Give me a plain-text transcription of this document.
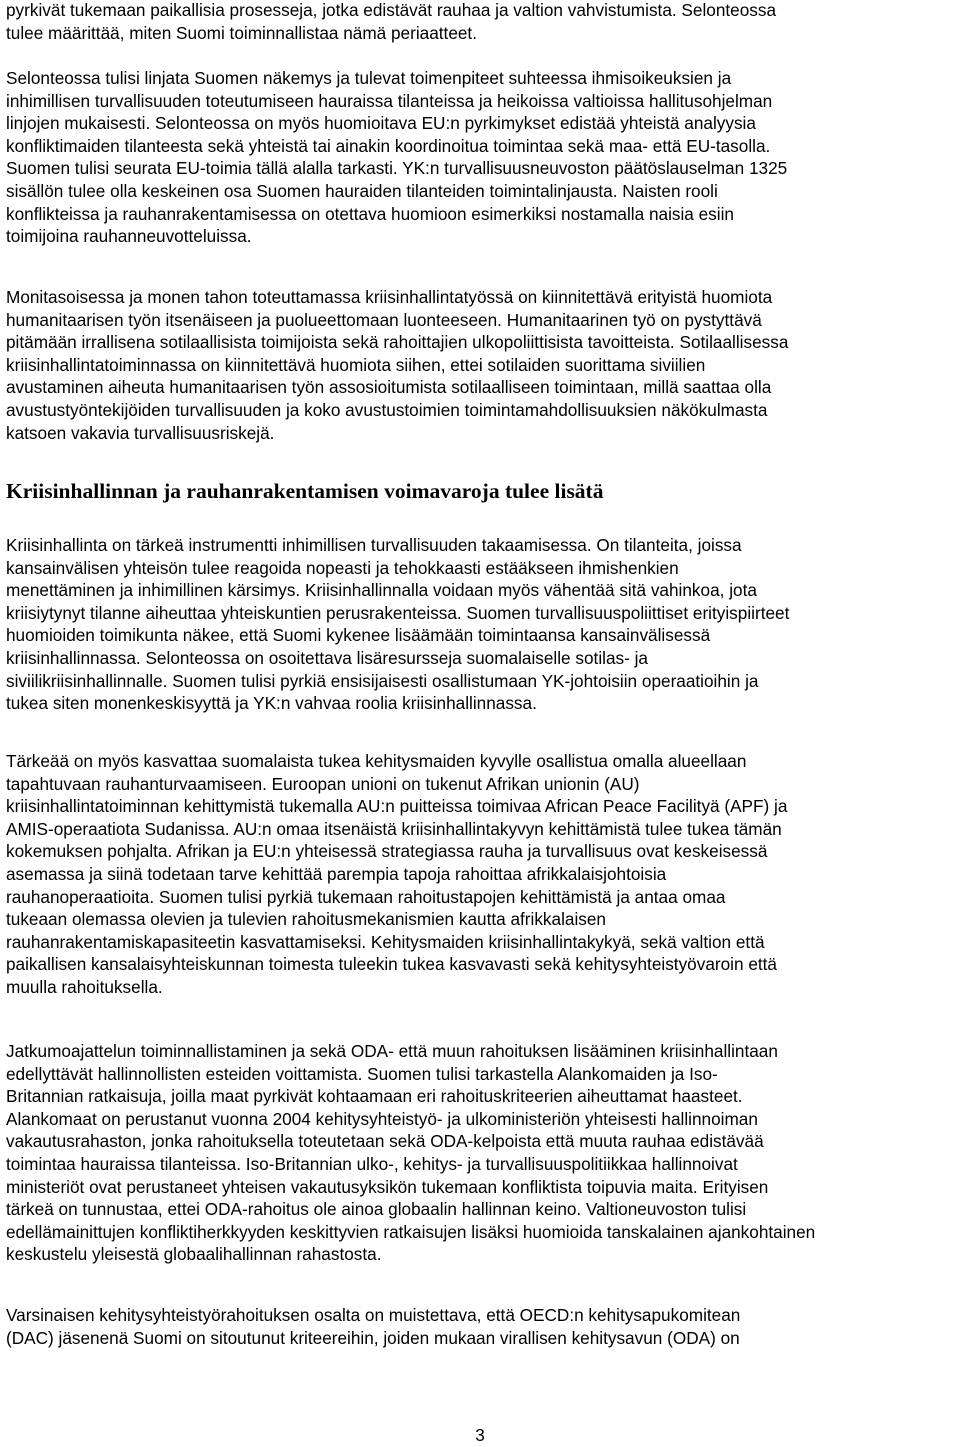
pyrkivät tukemaan paikallisia prosesseja, jotka edistävät rauhaa ja valtion vahvistumista. Selonteossa
tulee määrittää, miten Suomi toiminnallistaa nämä periaatteet.

Selonteossa tulisi linjata Suomen näkemys ja tulevat toimenpiteet suhteessa ihmisoikeuksien ja
inhimillisen turvallisuuden toteutumiseen hauraissa tilanteissa ja heikoissa valtioissa hallitusohjelman
linjojen mukaisesti. Selonteossa on myös huomioitava EU:n pyrkimykset edistää yhteistä analyysia
konfliktimaiden tilanteesta sekä yhteistä tai ainakin koordinoitua toimintaa sekä maa- että EU-tasolla.
Suomen tulisi seurata EU-toimia tällä alalla tarkasti. YK:n turvallisuusneuvoston päätöslauselman 1325
sisällön tulee olla keskeinen osa Suomen hauraiden tilanteiden toimintalinjausta. Naisten rooli
konflikteissa ja rauhanrakentamisessa on otettava huomioon esimerkiksi nostamalla naisia esiin
toimijoina rauhanneuvotteluissa.

Monitasoisessa ja monen tahon toteuttamassa kriisinhallintatyössä on kiinnitettävä erityistä huomiota
humanitaarisen työn itsenäiseen ja puolueettomaan luonteeseen. Humanitaarinen työ on pystyttävä
pitämään irrallisena sotilaallisista toimijoista sekä rahoittajien ulkopoliittisista tavoitteista. Sotilaallisessa
kriisinhallintatoiminnassa on kiinnitettävä huomiota siihen, ettei sotilaiden suorittama siviilien
avustaminen aiheuta humanitaarisen työn assosioitumista sotilaalliseen toimintaan, millä saattaa olla
avustustyöntekijöiden turvallisuuden ja koko avustustoimien toimintamahdollisuuksien näkökulmasta
katsoen vakavia turvallisuusriskejä.

Kriisinhallinnan ja rauhanrakentamisen voimavaroja tulee lisätä

Kriisinhallinta on tärkeä instrumentti inhimillisen turvallisuuden takaamisessa. On tilanteita, joissa
kansainvälisen yhteisön tulee reagoida nopeasti ja tehokkaasti estääkseen ihmishenkien
menettäminen ja inhimillinen kärsimys. Kriisinhallinnalla voidaan myös vähentää sitä vahinkoa, jota
kriisiytynyt tilanne aiheuttaa yhteiskuntien perusrakenteissa. Suomen turvallisuuspoliittiset erityispiirteet
huomioiden toimikunta näkee, että Suomi kykenee lisäämään toimintaansa kansainvälisessä
kriisinhallinnassa. Selonteossa on osoitettava lisäresursseja suomalaiselle sotilas- ja
siviilikriisinhallinnalle. Suomen tulisi pyrkiä ensisijaisesti osallistumaan YK-johtoisiin operaatioihin ja
tukea siten monenkeskisyyttä ja YK:n vahvaa roolia kriisinhallinnassa.

Tärkeää on myös kasvattaa suomalaista tukea kehitysmaiden kyvylle osallistua omalla alueellaan
tapahtuvaan rauhanturvaamiseen. Euroopan unioni on tukenut Afrikan unionin (AU)
kriisinhallintatoiminnan kehittymistä tukemalla AU:n puitteissa toimivaa African Peace Facilityä (APF) ja
AMIS-operaatiota Sudanissa. AU:n omaa itsenäistä kriisinhallintakyvyn kehittämistä tulee tukea tämän
kokemuksen pohjalta. Afrikan ja EU:n yhteisessä strategiassa rauha ja turvallisuus ovat keskeisessä
asemassa ja siinä todetaan tarve kehittää parempia tapoja rahoittaa afrikkalaisjohtoisia
rauhanoperaatioita. Suomen tulisi pyrkiä tukemaan rahoitustapojen kehittämistä ja antaa omaa
tukeaan olemassa olevien ja tulevien rahoitusmekanismien kautta afrikkalaisen
rauhanrakentamiskapasiteetin kasvattamiseksi. Kehitysmaiden kriisinhallintakykyä, sekä valtion että
paikallisen kansalaisyhteiskunnan toimesta tuleekin tukea kasvavasti sekä kehitysyhteistyövaroin että
muulla rahoituksella.

Jatkumoajattelun toiminnallistaminen ja sekä ODA- että muun rahoituksen lisääminen kriisinhallintaan
edellyttävät hallinnollisten esteiden voittamista. Suomen tulisi tarkastella Alankomaiden ja Iso-
Britannian ratkaisuja, joilla maat pyrkivät kohtaamaan eri rahoituskriteerien aiheuttamat haasteet.
Alankomaat on perustanut vuonna 2004 kehitysyhteistyö- ja ulkoministeriön yhteisesti hallinnoiman
vakautusrahaston, jonka rahoituksella toteutetaan sekä ODA-kelpoista että muuta rauhaa edistävää
toimintaa hauraissa tilanteissa. Iso-Britannian ulko-, kehitys- ja turvallisuuspolitiikkaa hallinnoivat
ministeriöt ovat perustaneet yhteisen vakautusyksikön tukemaan konfliktista toipuvia maita. Erityisen
tärkeä on tunnustaa, ettei ODA-rahoitus ole ainoa globaalin hallinnan keino. Valtioneuvoston tulisi
edellämainittujen konfliktiherkkyyden keskittyvien ratkaisujen lisäksi huomioida tanskalainen ajankohtainen
keskustelu yleisestä globaalihallinnan rahastosta.

Varsinaisen kehitysyhteistyörahoituksen osalta on muistettava, että OECD:n kehitysapukomitean
(DAC) jäsenenä Suomi on sitoutunut kriteereihin, joiden mukaan virallisen kehitysavun (ODA) on

3
